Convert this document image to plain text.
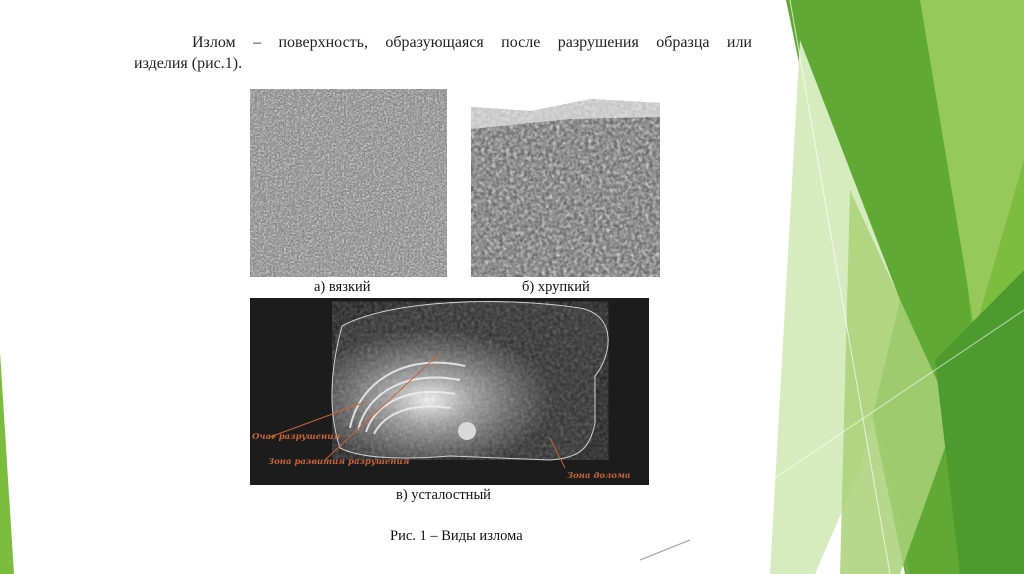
Излом – поверхность, образующаяся после разрушения образца или
изделия (рис.1).
а) вязкий	б) хрупкий
Очаг разрушения
Зона развития разрушения
Зона долома
в) усталостный
Рис. 1 – Виды излома
